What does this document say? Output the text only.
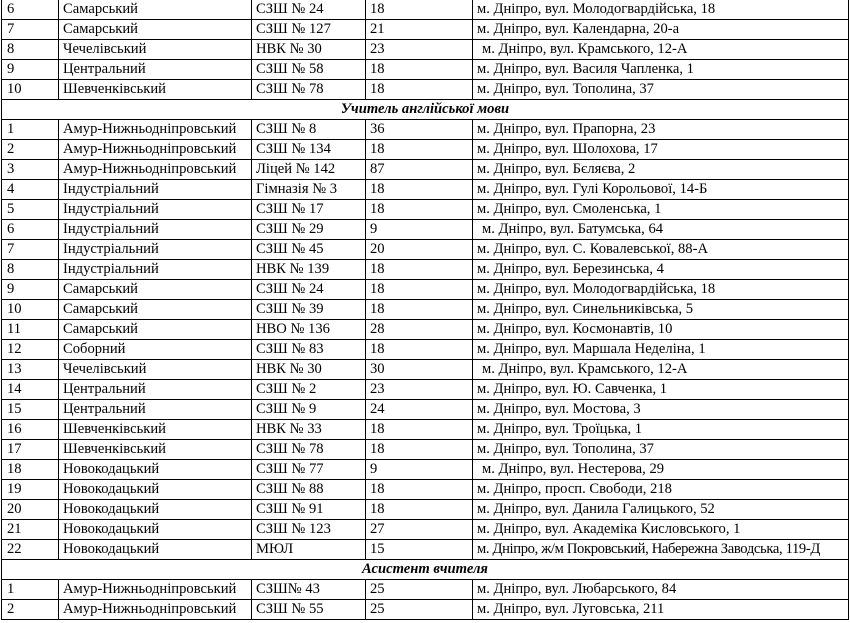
6	Самарський	СЗШ № 24	18	м. Дніпро, вул. Молодогвардійська, 18
7	Самарський	СЗШ № 127	21	м. Дніпро, вул. Календарна, 20-а
8	Чечелівський	НВК № 30	23	м. Дніпро, вул. Крамського, 12-А
9	Центральний	СЗШ № 58	18	м. Дніпро, вул. Василя Чапленка, 1
10	Шевченківський	СЗШ № 78	18	м. Дніпро, вул. Тополина, 37
Учитель англійської мови				
1	Амур-Нижньодніпровський	СЗШ № 8	36	м. Дніпро, вул. Прапорна, 23
2	Амур-Нижньодніпровський	СЗШ № 134	18	м. Дніпро, вул. Шолохова, 17
3	Амур-Нижньодніпровський	Ліцей № 142	87	м. Дніпро, вул. Бєляєва, 2
4	Індустріальний	Гімназія № 3	18	м. Дніпро, вул. Гулі Корольової, 14-Б
5	Індустріальний	СЗШ № 17	18	м. Дніпро, вул. Смоленська, 1
6	Індустріальний	СЗШ № 29	9	м. Дніпро, вул. Батумська, 64
7	Індустріальний	СЗШ № 45	20	м. Дніпро, вул. С. Ковалевської, 88-А
8	Індустріальний	НВК № 139	18	м. Дніпро, вул. Березинська, 4
9	Самарський	СЗШ № 24	18	м. Дніпро, вул. Молодогвардійська, 18
10	Самарський	СЗШ № 39	18	м. Дніпро, вул. Синельниківська, 5
11	Самарський	НВО № 136	28	м. Дніпро, вул. Космонавтів, 10
12	Соборний	СЗШ № 83	18	м. Дніпро, вул. Маршала Неделіна, 1
13	Чечелівський	НВК № 30	30	м. Дніпро, вул. Крамського, 12-А
14	Центральний	СЗШ № 2	23	м. Дніпро, вул. Ю. Савченка, 1
15	Центральний	СЗШ № 9	24	м. Дніпро, вул. Мостова, 3
16	Шевченківський	НВК № 33	18	м. Дніпро, вул. Троїцька, 1
17	Шевченківський	СЗШ № 78	18	м. Дніпро, вул. Тополина, 37
18	Новокодацький	СЗШ № 77	9	м. Дніпро, вул. Нестерова, 29
19	Новокодацький	СЗШ № 88	18	м. Дніпро, просп. Свободи, 218
20	Новокодацький	СЗШ № 91	18	м. Дніпро, вул. Данила Галицького, 52
21	Новокодацький	СЗШ № 123	27	м. Дніпро, вул. Академіка Кисловського, 1
22	Новокодацький	МЮЛ	15	м. Дніпро, ж/м Покровський, Набережна Заводська, 119-Д
Асистент вчителя				
1	Амур-Нижньодніпровський	СЗШ№ 43	25	м. Дніпро, вул. Любарського, 84
2	Амур-Нижньодніпровський	СЗШ № 55	25	м. Дніпро, вул. Луговська, 211
